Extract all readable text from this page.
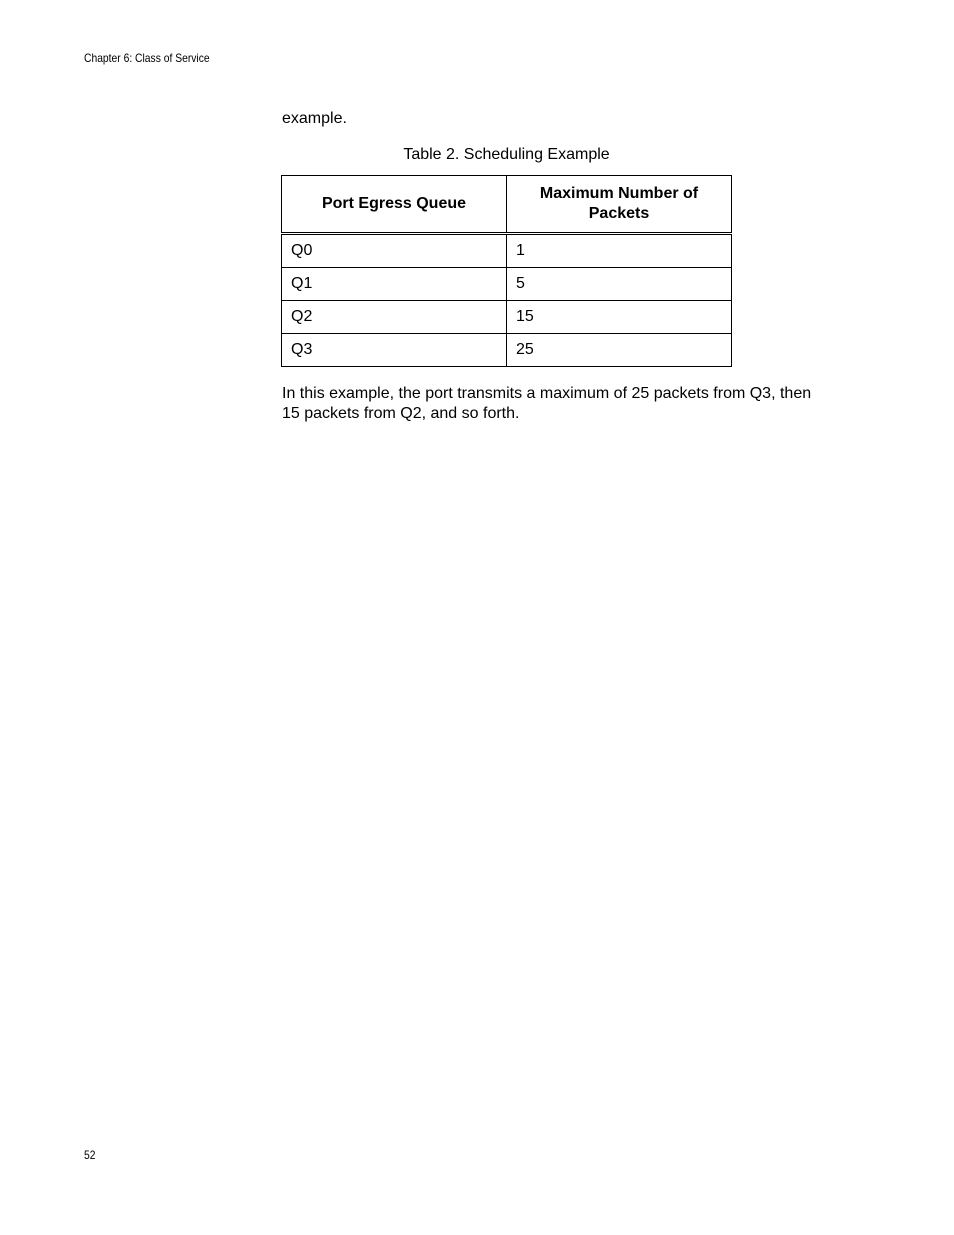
Chapter 6: Class of Service

example.

Table 2. Scheduling Example
Port Egress Queue	Maximum Number of Packets
Q0	1
Q1	5
Q2	15
Q3	25

In this example, the port transmits a maximum of 25 packets from Q3, then 15 packets from Q2, and so forth.

52
